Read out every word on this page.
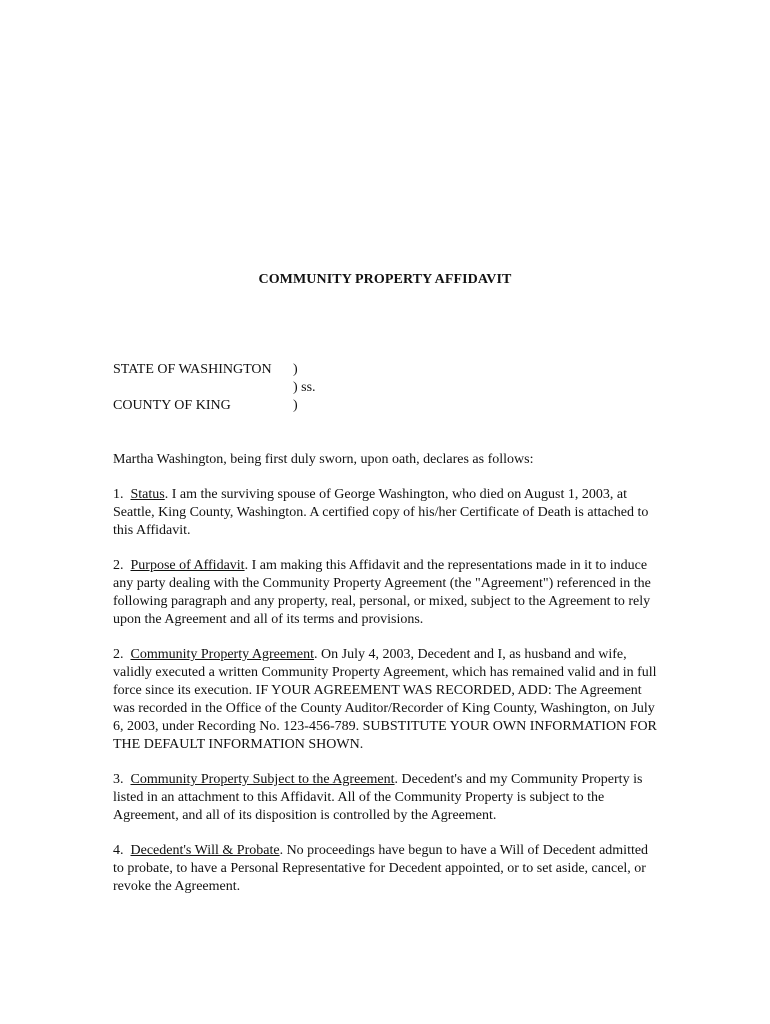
COMMUNITY PROPERTY AFFIDAVIT
STATE OF WASHINGTON )
) ss.
COUNTY OF KING	)

Martha Washington, being first duly sworn, upon oath, declares as follows:

1. Status. I am the surviving spouse of George Washington, who died on August 1, 2003, at Seattle, King County, Washington. A certified copy of his/her Certificate of Death is attached to this Affidavit.

2. Purpose of Affidavit. I am making this Affidavit and the representations made in it to induce any party dealing with the Community Property Agreement (the "Agreement") referenced in the following paragraph and any property, real, personal, or mixed, subject to the Agreement to rely upon the Agreement and all of its terms and provisions.

2. Community Property Agreement. On July 4, 2003, Decedent and I, as husband and wife, validly executed a written Community Property Agreement, which has remained valid and in full force since its execution. IF YOUR AGREEMENT WAS RECORDED, ADD: The Agreement was recorded in the Office of the County Auditor/Recorder of King County, Washington, on July 6, 2003, under Recording No. 123-456-789. SUBSTITUTE YOUR OWN INFORMATION FOR THE DEFAULT INFORMATION SHOWN.

3. Community Property Subject to the Agreement. Decedent's and my Community Property is listed in an attachment to this Affidavit. All of the Community Property is subject to the Agreement, and all of its disposition is controlled by the Agreement.

4. Decedent's Will & Probate. No proceedings have begun to have a Will of Decedent admitted to probate, to have a Personal Representative for Decedent appointed, or to set aside, cancel, or revoke the Agreement.
